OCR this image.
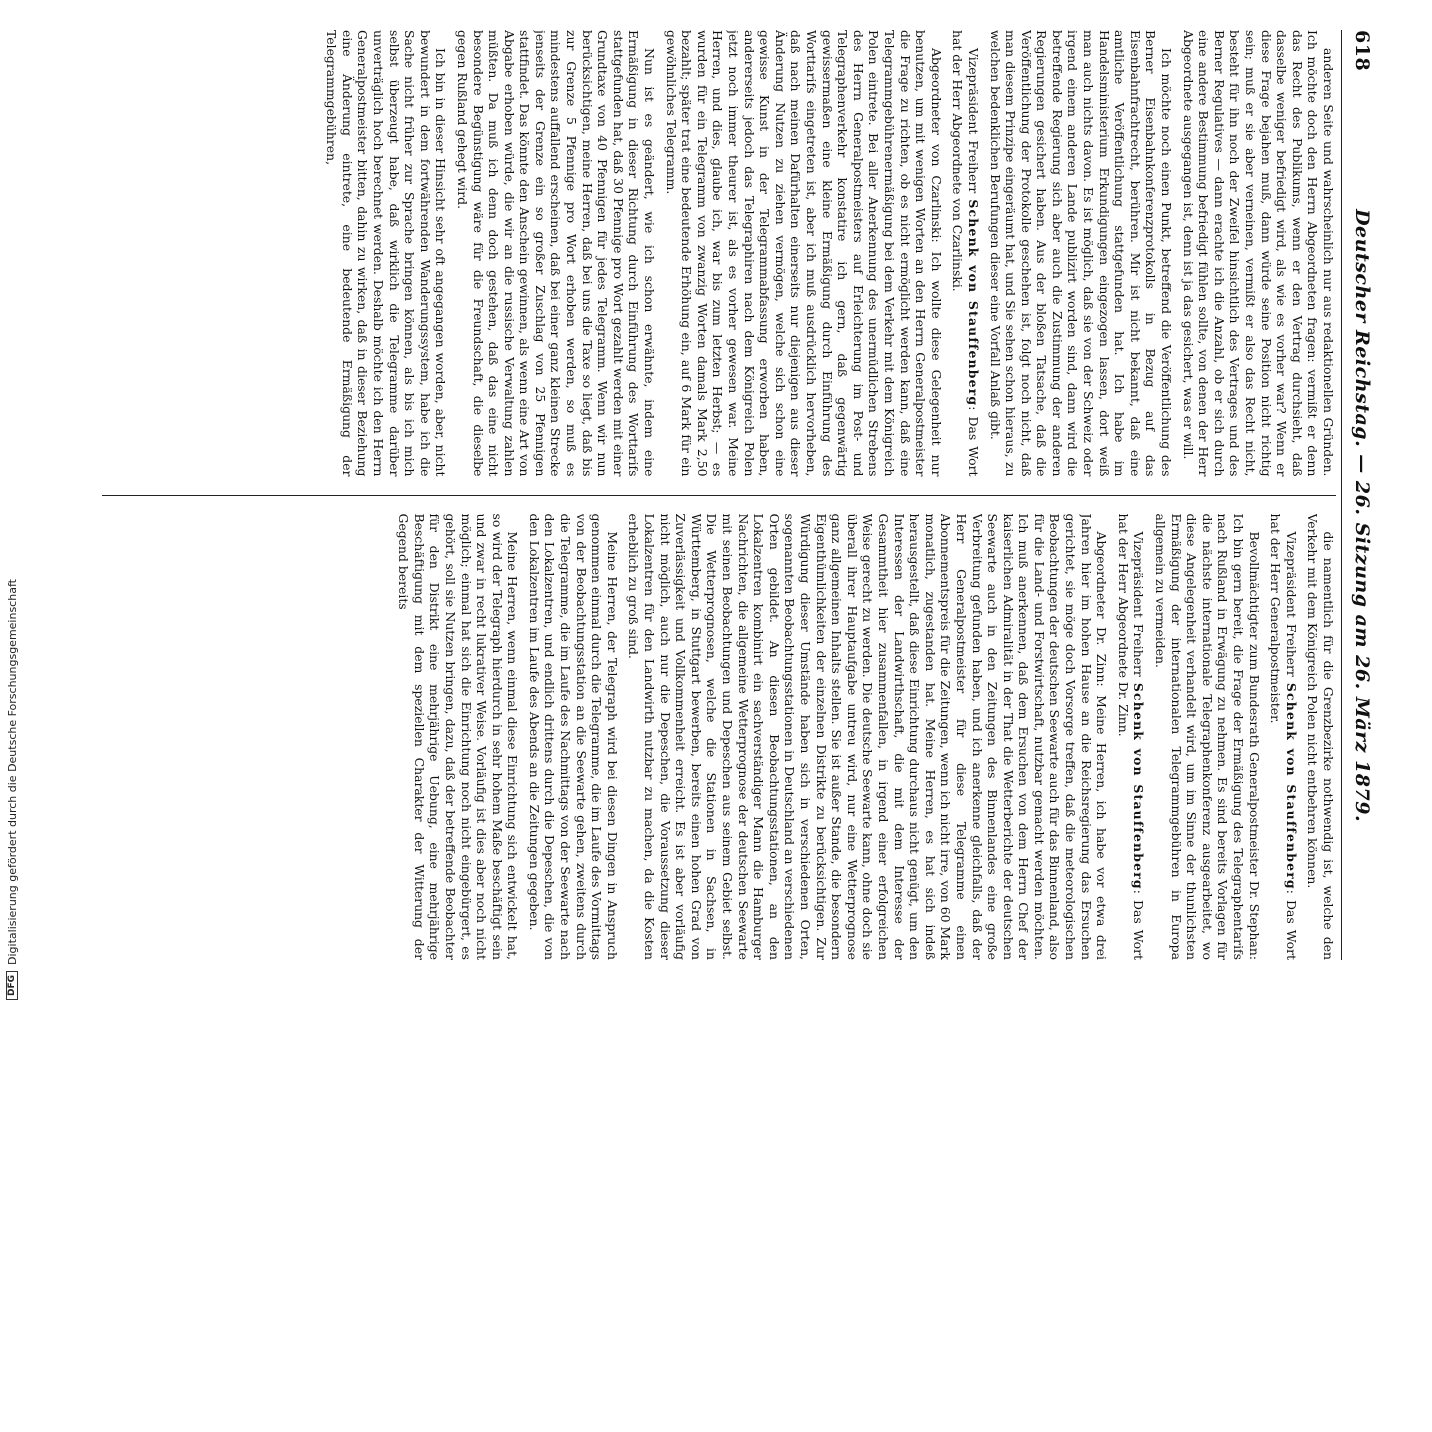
618
Deutscher Reichstag. — 26. Sitzung am 26. März 1879.

anderen Seite und wahrscheinlich nur aus redaktionellen Gründen. Ich möchte doch den Herrn Abgeordneten fragen: vermißt er denn das Recht des Publikums, wenn er den Vertrag durchsieht, daß dasselbe weniger befriedigt wird, als wie es vorher war? Wenn er diese Frage bejahen muß, dann würde seine Position nicht richtig sein; muß er sie aber verneinen, vermißt er also das Recht nicht, besteht für ihn noch der Zweifel hinsichtlich des Vertrages und des Berner Regulatives — dann erachte ich die Anzahl, ob er sich durch eine andere Bestimmung befriedigt fühlen sollte, von denen der Herr Abgeordnete ausgegangen ist, denn ist ja das gesichert, was er will.

Ich möchte noch einen Punkt, betreffend die Veröffentlichung des Berner Eisenbahnkonferenzprotokolls in Bezug auf das Eisenbahnfrachtrecht, berühren. Mir ist nicht bekannt, daß eine amtliche Veröffentlichung stattgefunden hat. Ich habe im Handelsministerium Erkundigungen eingezogen lassen, dort weiß man auch nichts davon. Es ist möglich, daß sie von der Schweiz oder irgend einem anderen Lande publizirt worden sind, dann wird die betreffende Regierung sich aber auch die Zustimmung der anderen Regierungen gesichert haben. Aus der bloßen Tatsache, daß die Veröffentlichung der Protokolle geschehen ist, folgt noch nicht, daß man diesem Prinzipe eingeräumt hat, und Sie sehen schon hieraus, zu welchen bedenklichen Berufungen dieser eine Vorfall Anlaß gibt.

Vizepräsident Freiherr Schenk von Stauffenberg: Das Wort hat der Herr Abgeordnete von Czarlinski.

Abgeordneter von Czarlinski: Ich wollte diese Gelegenheit nur benutzen, um mit wenigen Worten an den Herrn Generalpostmeister die Frage zu richten, ob es nicht ermöglicht werden kann, daß eine Telegrammgebührenermäßigung bei dem Verkehr mit dem Königreich Polen eintrete. Bei aller Anerkennung des unermüdlichen Strebens des Herrn Generalpostmeisters auf Erleichterung im Post- und Telegraphenverkehr konstatire ich gern, daß gegenwärtig gewissermaßen eine kleine Ermäßigung durch Einführung des Worttarifs eingetreten ist, aber ich muß ausdrücklich hervorheben, daß nach meinen Dafürhalten einerseits nur diejenigen aus dieser Änderung Nutzen zu ziehen vermögen, welche sich schon eine gewisse Kunst in der Telegrammabfassung erworben haben, andererseits jedoch das Telegraphiren nach dem Königreich Polen jetzt noch immer theurer ist, als es vorher gewesen war. Meine Herren, und dies, glaube ich, war bis zum letzten Herbst; — es wurden für ein Telegramm von zwanzig Worten damals Mark 2,50 bezahlt; später trat eine bedeutende Erhöhung ein, auf 6 Mark für ein gewöhnliches Telegramm.

Nun ist es geändert, wie ich schon erwähnte, indem eine Ermäßigung in dieser Richtung durch Einführung des Worttarifs stattgefunden hat, daß 30 Pfennige pro Wort gezahlt werden mit einer Grundtaxe von 40 Pfennigen für jedes Telegramm. Wenn wir nun berücksichtigen, meine Herren, daß bei uns die Taxe so liegt, daß bis zur Grenze 5 Pfennige pro Wort erhoben werden, so muß es mindestens auffallend erscheinen, daß bei einer ganz kleinen Strecke jenseits der Grenze ein so großer Zuschlag von 25 Pfennigen stattfindet. Das könnte den Anschein gewinnen, als wenn eine Art von Abgabe erhoben würde, die wir an die russische Verwaltung zahlen müßten. Da muß ich denn doch gestehen, daß das eine nicht besondere Begünstigung wäre für die Freundschaft, die dieselbe gegen Rußland gehegt wird.

Ich bin in dieser Hinsicht sehr oft angegangen worden, aber, nicht bewundert in dem fortwährenden Wanderungssystem, habe ich die Sache nicht früher zur Sprache bringen können, als bis ich mich selbst überzeugt habe, daß wirklich die Telegramme darüber unverträglich hoch berechnet werden. Deshalb möchte ich den Herrn Generalpostmeister bitten, dahin zu wirken, daß in dieser Beziehung eine Änderung eintrete, eine bedeutende Ermäßigung der Telegrammgebühren,

die namentlich für die Grenzbezirke nothwendig ist, welche den Verkehr mit dem Königreich Polen nicht entbehren können.

Vizepräsident Freiherr Schenk von Stauffenberg: Das Wort hat der Herr Generalpostmeister.

Bevollmächtigter zum Bundesrath Generalpostmeister Dr. Stephan: Ich bin gern bereit, die Frage der Ermäßigung des Telegraphentarifs nach Rußland in Erwägung zu nehmen. Es sind bereits Vorlagen für die nächste internationale Telegraphenkonferenz ausgearbeitet, wo diese Angelegenheit verhandelt wird, um im Sinne der thunlichsten Ermäßigung der internationalen Telegrammgebühren in Europa allgemein zu vermeiden.

Vizepräsident Freiherr Schenk von Stauffenberg: Das Wort hat der Herr Abgeordnete Dr. Zinn.

Abgeordneter Dr. Zinn: Meine Herren, ich habe vor etwa drei Jahren hier im hohen Hause an die Reichsregierung das Ersuchen gerichtet, sie möge doch Vorsorge treffen, daß die meteorologischen Beobachtungen der deutschen Seewarte auch für das Binnenland, also für die Land- und Forstwirtschaft, nutzbar gemacht werden möchten. Ich muß anerkennen, daß dem Ersuchen von dem Herrn Chef der kaiserlichen Admiralität in der That die Wetterberichte der deutschen Seewarte auch in den Zeitungen des Binnenlandes eine große Verbreitung gefunden haben, und ich anerkenne gleichfalls, daß der Herr Generalpostmeister für diese Telegramme einen Abonnementspreis für die Zeitungen, wenn ich nicht irre, von 60 Mark monatlich, zugestanden hat. Meine Herren, es hat sich indeß herausgestellt, daß diese Einrichtung durchaus nicht genügt, um den Interessen der Landwirthschaft, die mit dem Interesse der Gesammtheit hier zusammenfallen, in irgend einer erfolgreichen Weise gerecht zu werden. Die deutsche Seewarte kann, ohne doch sie überall ihrer Hauptaufgabe untreu wird, nur eine Wetterprognose ganz allgemeinen Inhalts stellen. Sie ist außer Stande, die besondern Eigenthümlichkeiten der einzelnen Distrikte zu berücksichtigen. Zur Würdigung dieser Umstände haben sich in verschiedenen Orten, sogenannten Beobachtungsstationen in Deutschland an verschiedenen Orten gebildet. An diesen Beobachtungsstationen, an den Lokalzentren kombinirt ein sachverständiger Mann die Hamburger Nachrichten, die allgemeine Wetterprognose der deutschen Seewarte mit seinen Beobachtungen und Depeschen aus seinem Gebiet selbst. Die Wetterprognosen, welche die Stationen in Sachsen, in Württemberg, in Stuttgart bewerben, bereits einen hohen Grad von Zuverlässigkeit und Vollkommenheit erreicht. Es ist aber vorläufig nicht möglich, auch nur die Depeschen, die Voraussetzung dieser Lokalzentren für den Landwirth nutzbar zu machen, da die Kosten erheblich zu groß sind.

Meine Herren, der Telegraph wird bei diesen Dingen in Anspruch genommen einmal durch die Telegramme, die im Laufe des Vormittags von der Beobachtungsstation an die Seewarte gehen, zweitens durch die Telegramme, die im Laufe des Nachmittags von der Seewarte nach den Lokalzentren, und endlich drittens durch die Depeschen, die von den Lokalzentren im Laufe des Abends an die Zeitungen gegeben.

Meine Herren, wenn einmal diese Einrichtung sich entwickelt hat, so wird der Telegraph hierdurch in sehr hohem Maße beschäftigt sein und zwar in recht lukrativer Weise. Vorläufig ist dies aber noch nicht möglich; einmal hat sich die Einrichtung noch nicht eingebürgert, es gehört, soll sie Nutzen bringen, dazu, daß der betreffende Beobachter für den Distrikt eine mehrjährige Uebung, eine mehrjährige Beschäftigung mit dem speziellen Charakter der Witterung der Gegend bereits

DFG
Digitalisierung gefördert durch die Deutsche Forschungsgemeinschaft
